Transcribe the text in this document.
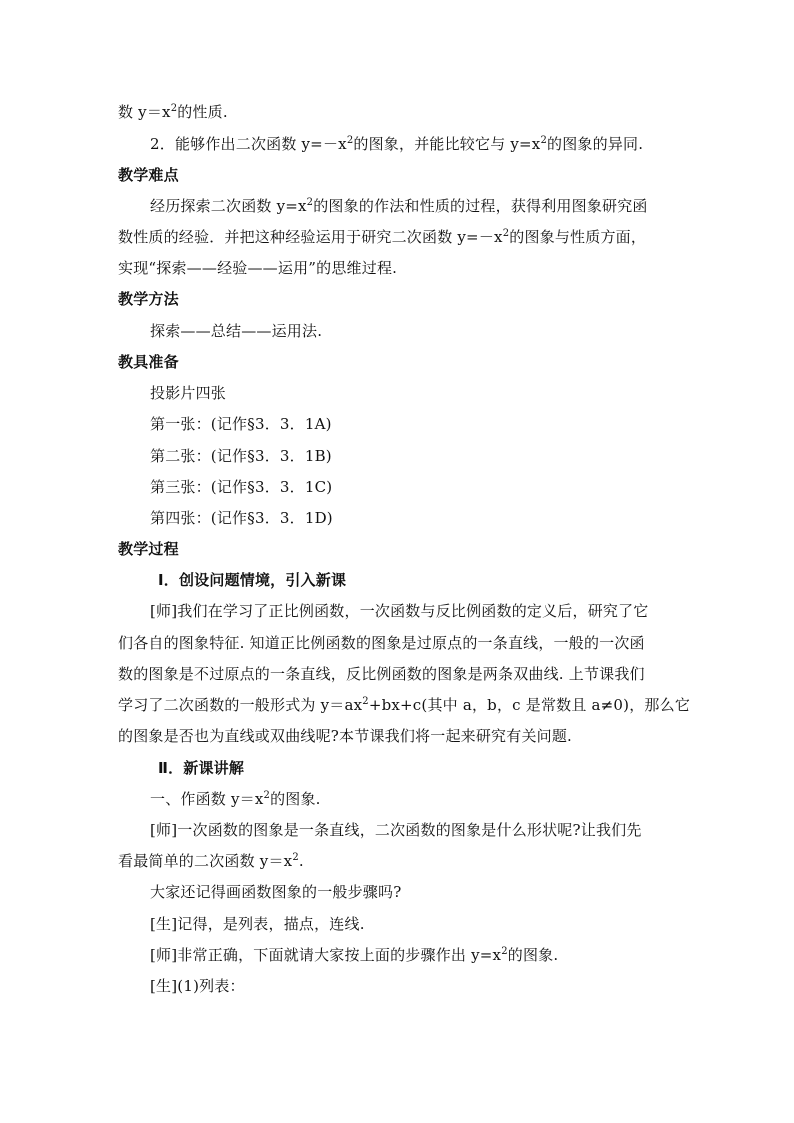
数 $y=x^2$的性质.
2．能够作出二次函数 $y=-x^2$的图象，并能比较它与 $y=x^2$的图象的异同.
教学难点
经历探索二次函数 $y=x^2$的图象的作法和性质的过程，获得利用图象研究函
数性质的经验．并把这种经验运用于研究二次函数 $y=-x^2$的图象与性质方面，
实现“探索——经验——运用”的思维过程.
教学方法
探索——总结——运用法.
教具准备
投影片四张
第一张：(记作§3．3．1A)
第二张：(记作§3．3．1B)
第三张：(记作§3．3．1C)
第四张：(记作§3．3．1D)
教学过程
Ⅰ．创设问题情境，引入新课
[师]我们在学习了正比例函数，一次函数与反比例函数的定义后，研究了它
们各自的图象特征. 知道正比例函数的图象是过原点的一条直线，一般的一次函
数的图象是不过原点的一条直线，反比例函数的图象是两条双曲线. 上节课我们
学习了二次函数的一般形式为 $y=ax^2+bx+c$(其中 a，b，c 是常数且 a≠0)，那么它
的图象是否也为直线或双曲线呢?本节课我们将一起来研究有关问题.
Ⅱ．新课讲解
一、作函数 $y=x^2$的图象.
[师]一次函数的图象是一条直线，二次函数的图象是什么形状呢?让我们先
看最简单的二次函数 $y=x^2$.
大家还记得画函数图象的一般步骤吗?
[生]记得，是列表，描点，连线.
[师]非常正确，下面就请大家按上面的步骤作出 $y=x^2$的图象.
[生](1)列表：
